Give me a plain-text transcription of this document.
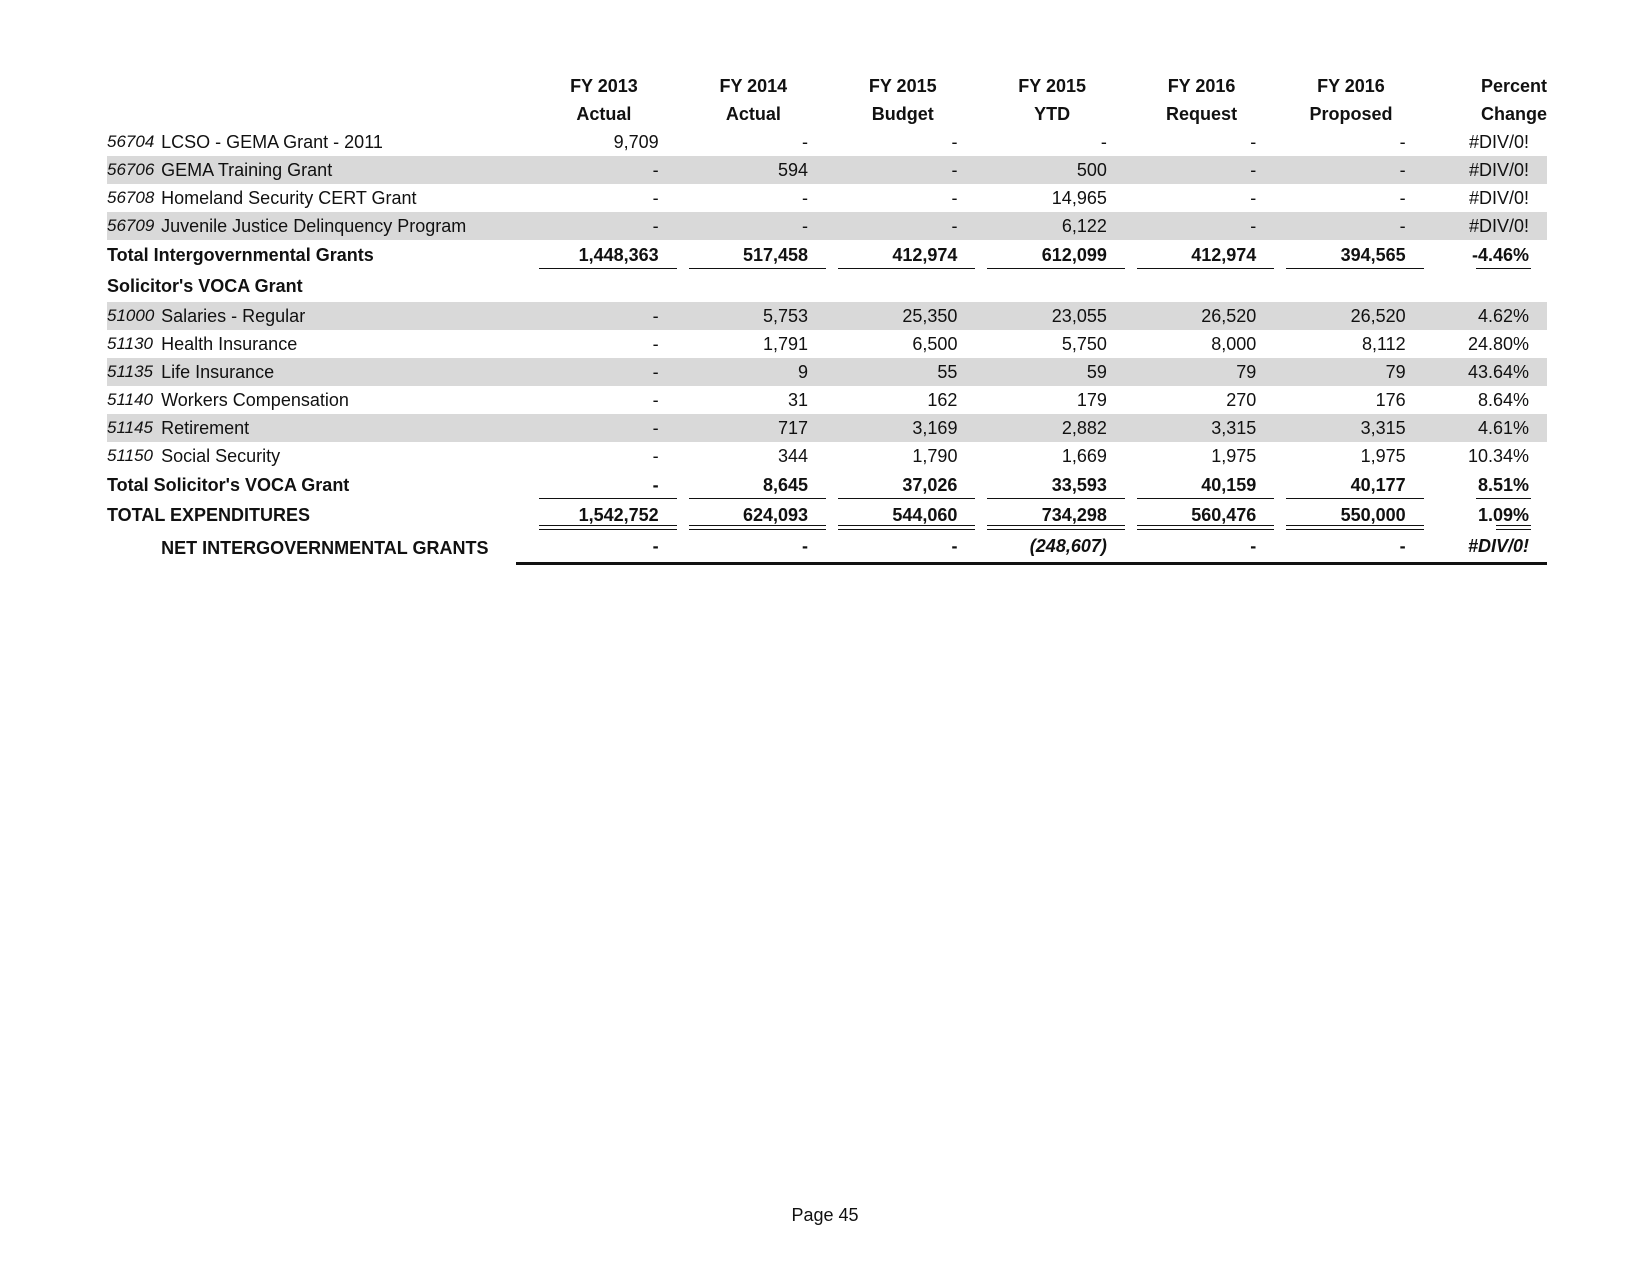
			FY 2013	FY 2014	FY 2015	FY 2015	FY 2016	FY 2016	Percent
			Actual	Actual	Budget	YTD	Request	Proposed	Change
56704	LCSO - GEMA Grant - 2011		9,709	-	-	-	-	-	#DIV/0!
56706	GEMA Training Grant		-	594	-	500	-	-	#DIV/0!
56708	Homeland Security CERT Grant		-	-	-	14,965	-	-	#DIV/0!
56709	Juvenile Justice Delinquency Program		-	-	-	6,122	-	-	#DIV/0!
Total Intergovernmental Grants			1,448,363	517,458	412,974	612,099	412,974	394,565	-4.46%
Solicitor's VOCA Grant									
51000	Salaries - Regular		-	5,753	25,350	23,055	26,520	26,520	4.62%
51130	Health Insurance		-	1,791	6,500	5,750	8,000	8,112	24.80%
51135	Life Insurance		-	9	55	59	79	79	43.64%
51140	Workers Compensation		-	31	162	179	270	176	8.64%
51145	Retirement		-	717	3,169	2,882	3,315	3,315	4.61%
51150	Social Security		-	344	1,790	1,669	1,975	1,975	10.34%
Total Solicitor's VOCA Grant			-	8,645	37,026	33,593	40,159	40,177	8.51%
TOTAL EXPENDITURES			1,542,752	624,093	544,060	734,298	560,476	550,000	1.09%
	NET INTERGOVERNMENTAL GRANTS		-	-	-	(248,607)	-	-	#DIV/0!
Page 45
